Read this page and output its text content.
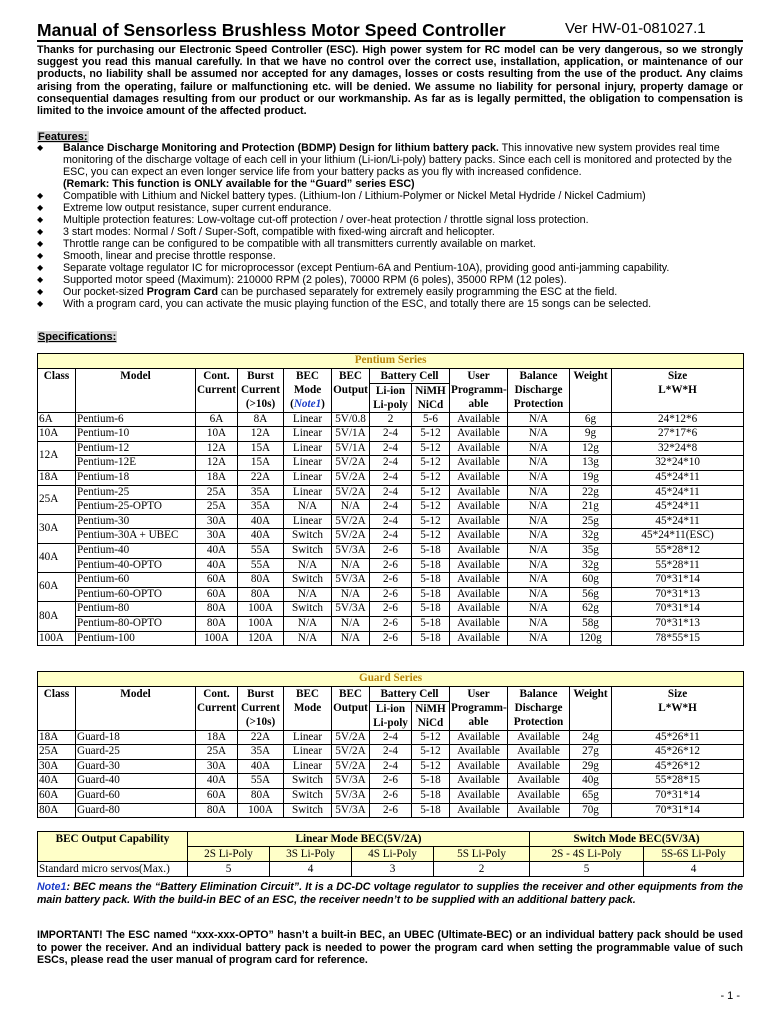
Manual of Sensorless Brushless Motor Speed Controller	Ver HW-01-081027.1
Thanks for purchasing our Electronic Speed Controller (ESC). High power system for RC model can be very dangerous, so we strongly suggest you read this manual carefully. In that we have no control over the correct use, installation, application, or maintenance of our products, no liability shall be assumed nor accepted for any damages, losses or costs resulting from the use of the product. Any claims arising from the operating, failure or malfunctioning etc. will be denied. We assume no liability for personal injury, property damage or consequential damages resulting from our product or our workmanship. As far as is legally permitted, the obligation to compensation is limited to the invoice amount of the affected product.
Features:
◆ Balance Discharge Monitoring and Protection (BDMP) Design for lithium battery pack. This innovative new system provides real time monitoring of the discharge voltage of each cell in your lithium (Li-ion/Li-poly) battery packs. Since each cell is monitored and protected by the ESC, you can expect an even longer service life from your battery packs as you fly with increased confidence.
(Remark: This function is ONLY available for the “Guard” series ESC)
◆ Compatible with Lithium and Nickel battery types. (Lithium-Ion / Lithium-Polymer or Nickel Metal Hydride / Nickel Cadmium)
◆ Extreme low output resistance, super current endurance.
◆ Multiple protection features: Low-voltage cut-off protection / over-heat protection / throttle signal loss protection.
◆ 3 start modes: Normal / Soft / Super-Soft, compatible with fixed-wing aircraft and helicopter.
◆ Throttle range can be configured to be compatible with all transmitters currently available on market.
◆ Smooth, linear and precise throttle response.
◆ Separate voltage regulator IC for microprocessor (except Pentium-6A and Pentium-10A), providing good anti-jamming capability.
◆ Supported motor speed (Maximum): 210000 RPM (2 poles), 70000 RPM (6 poles), 35000 RPM (12 poles).
◆ Our pocket-sized Program Card can be purchased separately for extremely easily programming the ESC at the field.
◆ With a program card, you can activate the music playing function of the ESC, and totally there are 15 songs can be selected.
Specifications:
Pentium Series											
Class	Model	Cont.
Current	Burst
Current
(>10s)	BEC
Mode
(Note1)	BEC
Output	Battery Cell		User
Programm-
able	Balance
Discharge
Protection	Weight	Size
L*W*H
						Li-ion
Li-poly	NiMH
NiCd				
6A	Pentium-6	6A	8A	Linear	5V/0.8	2	5-6	Available	N/A	6g	24*12*6
10A	Pentium-10	10A	12A	Linear	5V/1A	2-4	5-12	Available	N/A	9g	27*17*6
12A	Pentium-12	12A	15A	Linear	5V/1A	2-4	5-12	Available	N/A	12g	32*24*8
	Pentium-12E	12A	15A	Linear	5V/2A	2-4	5-12	Available	N/A	13g	32*24*10
18A	Pentium-18	18A	22A	Linear	5V/2A	2-4	5-12	Available	N/A	19g	45*24*11
25A	Pentium-25	25A	35A	Linear	5V/2A	2-4	5-12	Available	N/A	22g	45*24*11
	Pentium-25-OPTO	25A	35A	N/A	N/A	2-4	5-12	Available	N/A	21g	45*24*11
30A	Pentium-30	30A	40A	Linear	5V/2A	2-4	5-12	Available	N/A	25g	45*24*11
	Pentium-30A + UBEC	30A	40A	Switch	5V/2A	2-4	5-12	Available	N/A	32g	45*24*11(ESC)
40A	Pentium-40	40A	55A	Switch	5V/3A	2-6	5-18	Available	N/A	35g	55*28*12
	Pentium-40-OPTO	40A	55A	N/A	N/A	2-6	5-18	Available	N/A	32g	55*28*11
60A	Pentium-60	60A	80A	Switch	5V/3A	2-6	5-18	Available	N/A	60g	70*31*14
	Pentium-60-OPTO	60A	80A	N/A	N/A	2-6	5-18	Available	N/A	56g	70*31*13
80A	Pentium-80	80A	100A	Switch	5V/3A	2-6	5-18	Available	N/A	62g	70*31*14
	Pentium-80-OPTO	80A	100A	N/A	N/A	2-6	5-18	Available	N/A	58g	70*31*13
100A	Pentium-100	100A	120A	N/A	N/A	2-6	5-18	Available	N/A	120g	78*55*15
Guard Series											
Class	Model	Cont.
Current	Burst
Current
(>10s)	BEC
Mode	BEC
Output	Battery Cell		User
Programm-
able	Balance
Discharge
Protection	Weight	Size
L*W*H
						Li-ion
Li-poly	NiMH
NiCd				
18A	Guard-18	18A	22A	Linear	5V/2A	2-4	5-12	Available	Available	24g	45*26*11
25A	Guard-25	25A	35A	Linear	5V/2A	2-4	5-12	Available	Available	27g	45*26*12
30A	Guard-30	30A	40A	Linear	5V/2A	2-4	5-12	Available	Available	29g	45*26*12
40A	Guard-40	40A	55A	Switch	5V/3A	2-6	5-18	Available	Available	40g	55*28*15
60A	Guard-60	60A	80A	Switch	5V/3A	2-6	5-18	Available	Available	65g	70*31*14
80A	Guard-80	80A	100A	Switch	5V/3A	2-6	5-18	Available	Available	70g	70*31*14
BEC Output Capability	Linear Mode BEC(5V/2A)				Switch Mode BEC(5V/3A)	
	2S Li-Poly	3S Li-Poly	4S Li-Poly	5S Li-Poly	2S - 4S Li-Poly	5S-6S Li-Poly
Standard micro servos(Max.)	5	4	3	2	5	4
Note1: BEC means the “Battery Elimination Circuit”. It is a DC-DC voltage regulator to supplies the receiver and other equipments from the main battery pack. With the build-in BEC of an ESC, the receiver needn’t to be supplied with an additional battery pack.
IMPORTANT! The ESC named “xxx-xxx-OPTO” hasn’t a built-in BEC, an UBEC (Ultimate-BEC) or an individual battery pack should be used to power the receiver. And an individual battery pack is needed to power the program card when setting the programmable value of such ESCs, please read the user manual of program card for reference.
- 1 -
